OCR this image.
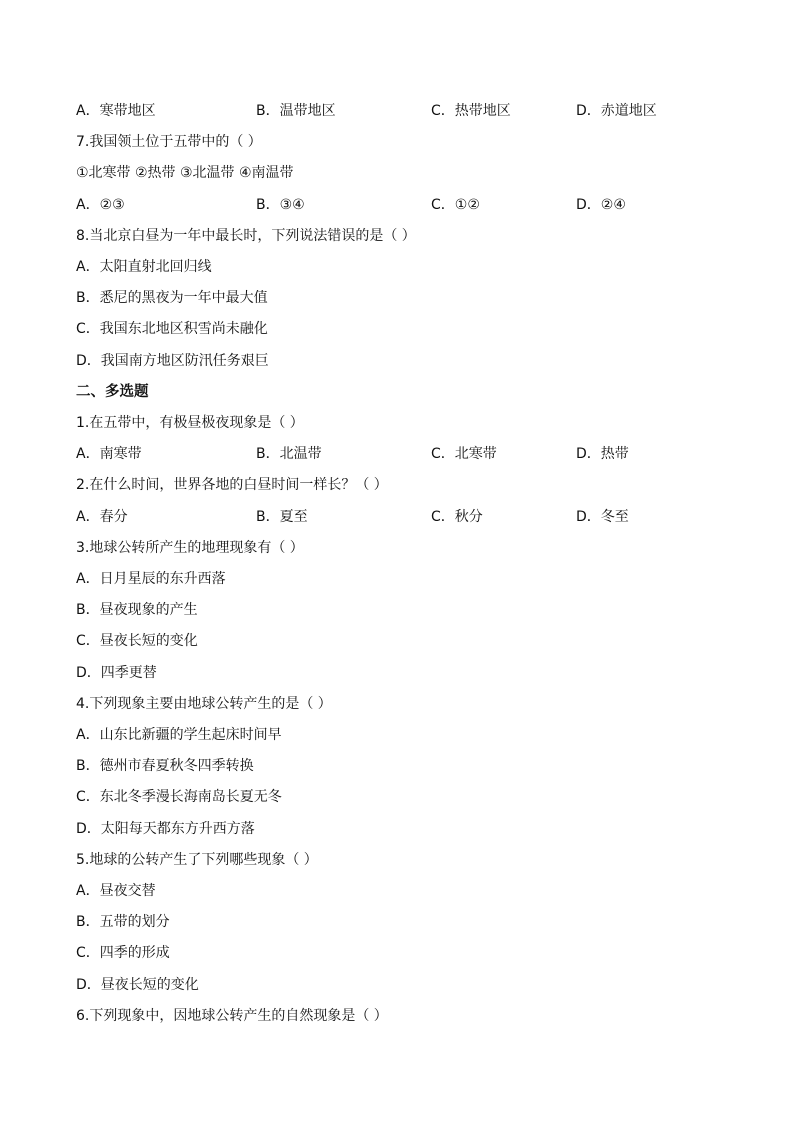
A．寒带地区	B．温带地区	C．热带地区	D．赤道地区
7.我国领土位于五带中的（ ）
①北寒带 ②热带 ③北温带 ④南温带
A．②③	B．③④	C．①②	D．②④
8.当北京白昼为一年中最长时，下列说法错误的是（ ）
A．太阳直射北回归线
B．悉尼的黑夜为一年中最大值
C．我国东北地区积雪尚未融化
D．我国南方地区防汛任务艰巨
二、多选题
1.在五带中，有极昼极夜现象是（ ）
A．南寒带	B．北温带	C．北寒带	D．热带
2.在什么时间，世界各地的白昼时间一样长？（ ）
A．春分	B．夏至	C．秋分	D．冬至
3.地球公转所产生的地理现象有（ ）
A．日月星辰的东升西落
B．昼夜现象的产生
C．昼夜长短的变化
D．四季更替
4.下列现象主要由地球公转产生的是（ ）
A．山东比新疆的学生起床时间早
B．德州市春夏秋冬四季转换
C．东北冬季漫长海南岛长夏无冬
D．太阳每天都东方升西方落
5.地球的公转产生了下列哪些现象（ ）
A．昼夜交替
B．五带的划分
C．四季的形成
D．昼夜长短的变化
6.下列现象中，因地球公转产生的自然现象是（ ）
